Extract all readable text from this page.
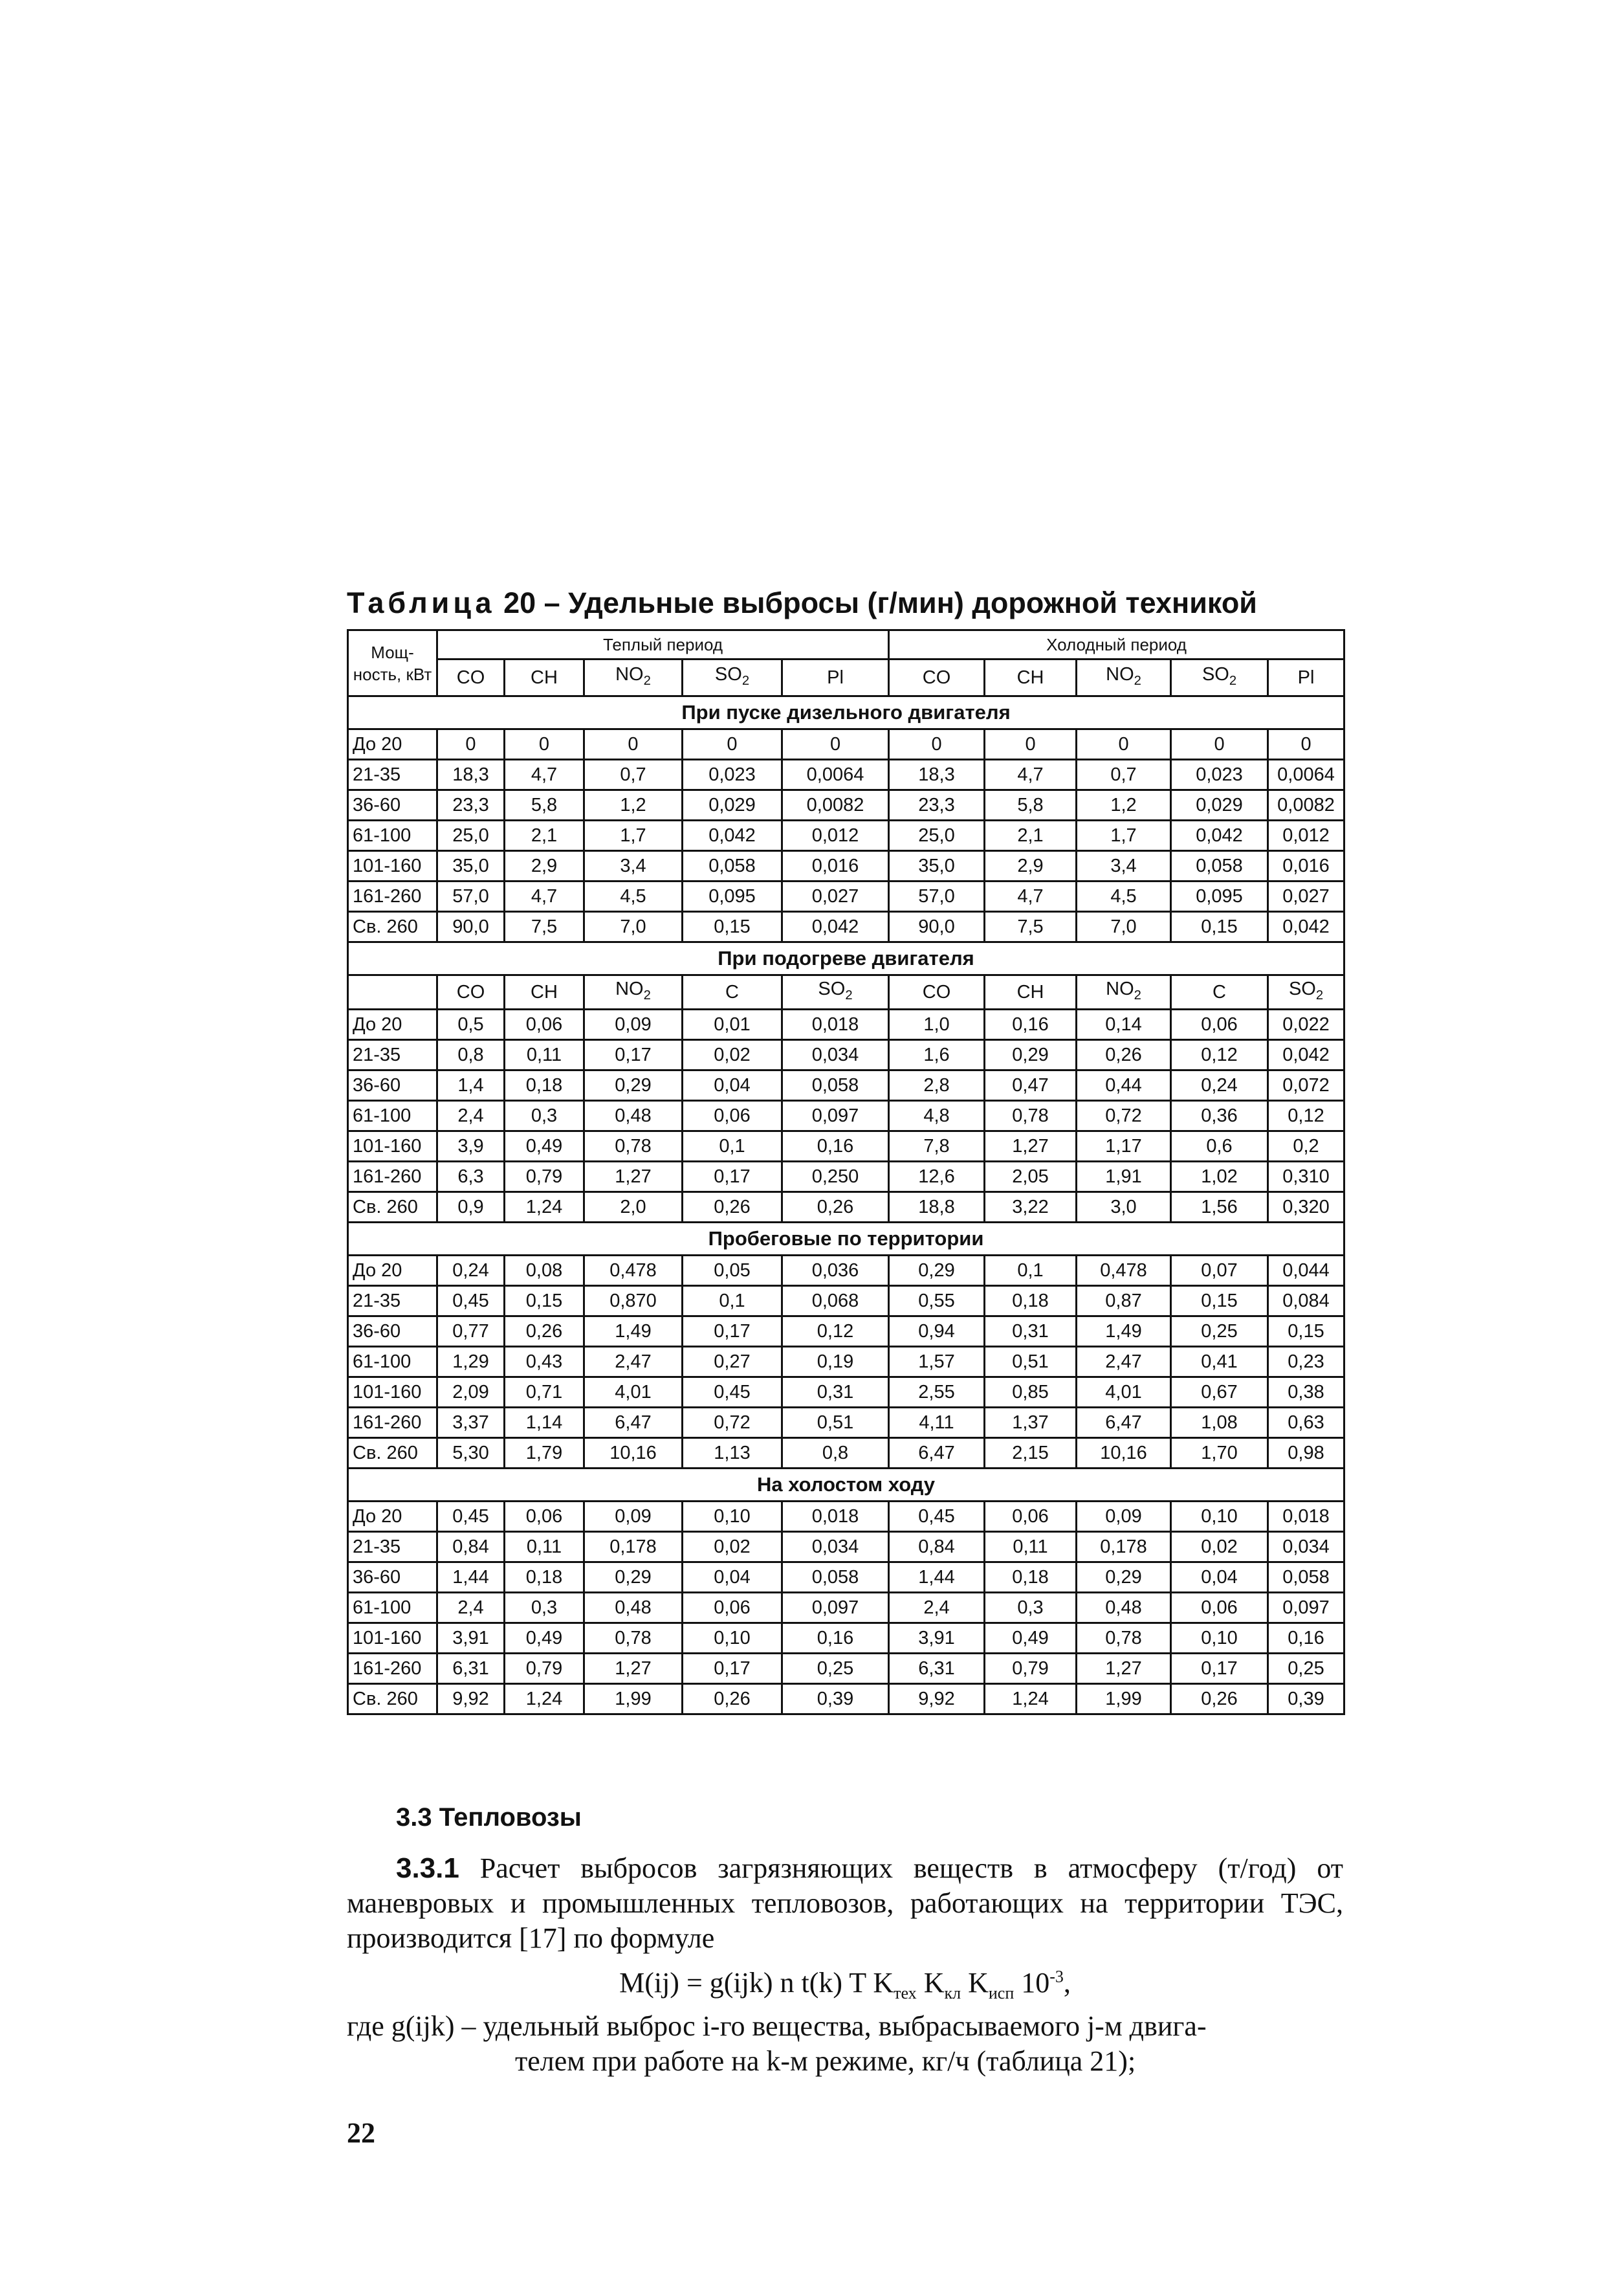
Таблица 20 – Удельные выбросы (г/мин) дорожной техникой
Мощ-
ность, кВт	Теплый период					Холодный период				
	CO	CH	$NO_2$	$SO_2$	Pl	CO	CH	$NO_2$	$SO_2$	Pl
При пуске дизельного двигателя										
До 20	0	0	0	0	0	0	0	0	0	0
21-35	18,3	4,7	0,7	0,023	0,0064	18,3	4,7	0,7	0,023	0,0064
36-60	23,3	5,8	1,2	0,029	0,0082	23,3	5,8	1,2	0,029	0,0082
61-100	25,0	2,1	1,7	0,042	0,012	25,0	2,1	1,7	0,042	0,012
101-160	35,0	2,9	3,4	0,058	0,016	35,0	2,9	3,4	0,058	0,016
161-260	57,0	4,7	4,5	0,095	0,027	57,0	4,7	4,5	0,095	0,027
Св. 260	90,0	7,5	7,0	0,15	0,042	90,0	7,5	7,0	0,15	0,042
При подогреве двигателя										
	CO	CH	$NO_2$	C	$SO_2$	CO	CH	$NO_2$	C	$SO_2$
До 20	0,5	0,06	0,09	0,01	0,018	1,0	0,16	0,14	0,06	0,022
21-35	0,8	0,11	0,17	0,02	0,034	1,6	0,29	0,26	0,12	0,042
36-60	1,4	0,18	0,29	0,04	0,058	2,8	0,47	0,44	0,24	0,072
61-100	2,4	0,3	0,48	0,06	0,097	4,8	0,78	0,72	0,36	0,12
101-160	3,9	0,49	0,78	0,1	0,16	7,8	1,27	1,17	0,6	0,2
161-260	6,3	0,79	1,27	0,17	0,250	12,6	2,05	1,91	1,02	0,310
Св. 260	0,9	1,24	2,0	0,26	0,26	18,8	3,22	3,0	1,56	0,320
Пробеговые по территории										
До 20	0,24	0,08	0,478	0,05	0,036	0,29	0,1	0,478	0,07	0,044
21-35	0,45	0,15	0,870	0,1	0,068	0,55	0,18	0,87	0,15	0,084
36-60	0,77	0,26	1,49	0,17	0,12	0,94	0,31	1,49	0,25	0,15
61-100	1,29	0,43	2,47	0,27	0,19	1,57	0,51	2,47	0,41	0,23
101-160	2,09	0,71	4,01	0,45	0,31	2,55	0,85	4,01	0,67	0,38
161-260	3,37	1,14	6,47	0,72	0,51	4,11	1,37	6,47	1,08	0,63
Св. 260	5,30	1,79	10,16	1,13	0,8	6,47	2,15	10,16	1,70	0,98
На холостом ходу										
До 20	0,45	0,06	0,09	0,10	0,018	0,45	0,06	0,09	0,10	0,018
21-35	0,84	0,11	0,178	0,02	0,034	0,84	0,11	0,178	0,02	0,034
36-60	1,44	0,18	0,29	0,04	0,058	1,44	0,18	0,29	0,04	0,058
61-100	2,4	0,3	0,48	0,06	0,097	2,4	0,3	0,48	0,06	0,097
101-160	3,91	0,49	0,78	0,10	0,16	3,91	0,49	0,78	0,10	0,16
161-260	6,31	0,79	1,27	0,17	0,25	6,31	0,79	1,27	0,17	0,25
Св. 260	9,92	1,24	1,99	0,26	0,39	9,92	1,24	1,99	0,26	0,39
3.3 Тепловозы
3.3.1 Расчет выбросов загрязняющих веществ в атмосферу (т/год) от маневровых и промышленных тепловозов, работающих на территории ТЭС, производится [17] по формуле
M(ij) = g(ijk) n t(k) T $K_{тех}$ $K_{кл}$ $K_{исп}$ $10^{-3}$,
где g(ijk) – удельный выброс i-го вещества, выбрасываемого j-м двига-
телем при работе на k-м режиме, кг/ч (таблица 21);
22
